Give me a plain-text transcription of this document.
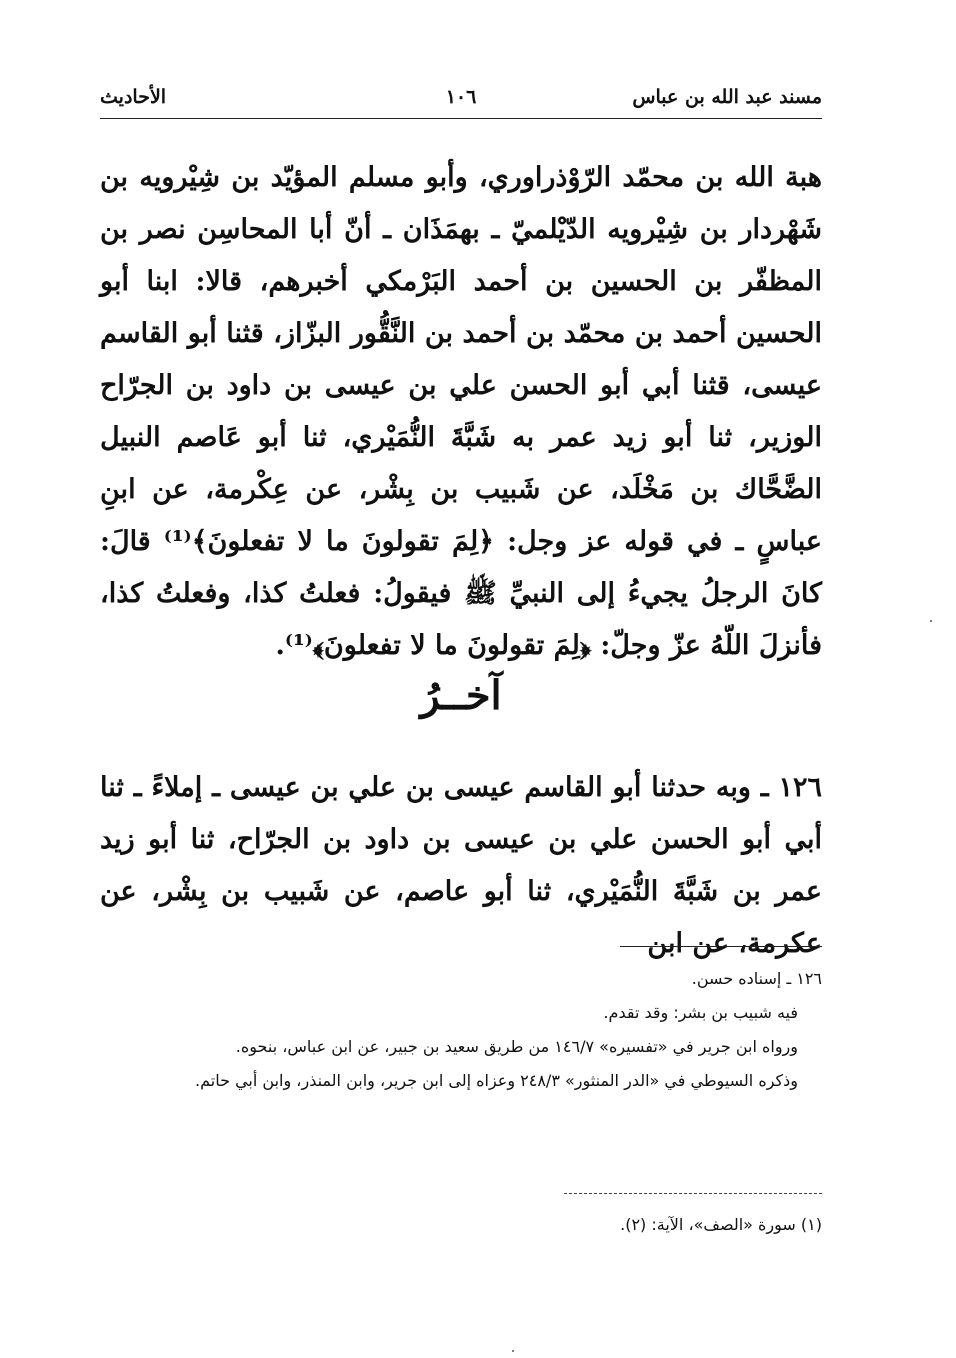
مسند عبد الله بن عباس
١٠٦
الأحاديث
هبة الله بن محمّد الرّوْذراوري، وأبو مسلم المؤيّد بن شِيْرويه بن شَهْردار بن شِيْرويه الدّيْلميّ ـ بهمَذَان ـ أنّ أبا المحاسِن نصر بن المظفّر بن الحسين بن أحمد البَرْمكي أخبرهم، قالا: ابنا أبو الحسين أحمد بن محمّد بن أحمد بن النَّقُّور البزّاز، قثنا أبو القاسم عيسى، قثنا أبي أبو الحسن علي بن عيسى بن داود بن الجرّاح الوزير، ثنا أبو زيد عمر به شَبَّةَ النُّمَيْري، ثنا أبو عَاصم النبيل الضَّحَّاك بن مَخْلَد، عن شَبيب بن بِشْر، عن عِكْرمة، عن ابنِ عباسٍ ـ في قوله عز وجل: ﴿لِمَ تقولونَ ما لا تفعلونَ﴾⁽¹⁾ قالَ: كانَ الرجلُ يجيءُ إلى النبيِّ ﷺ فيقولُ: فعلتُ كذا، وفعلتُ كذا، فأنزلَ اللّهُ عزّ وجلّ: ﴿لِمَ تقولونَ ما لا تفعلونَ﴾⁽¹⁾.
آخــرُ
١٢٦ ـ وبه حدثنا أبو القاسم عيسى بن علي بن عيسى ـ إملاءً ـ ثنا أبي أبو الحسن علي بن عيسى بن داود بن الجرّاح، ثنا أبو زيد عمر بن شَبَّةَ النُّمَيْري، ثنا أبو عاصم، عن شَبيب بن بِشْر، عن عكرمة، عن ابن

١٢٦ ـ إسناده حسن.

فيه شبيب بن بشر: وقد تقدم.

ورواه ابن جرير في «تفسيره» ١٤٦/٧ من طريق سعيد بن جبير، عن ابن عباس، بنحوه.

وذكره السيوطي في «الدر المنثور» ٢٤٨/٣ وعزاه إلى ابن جرير، وابن المنذر، وابن أبي حاتم.

(١) سورة «الصف»، الآية: (٢).
